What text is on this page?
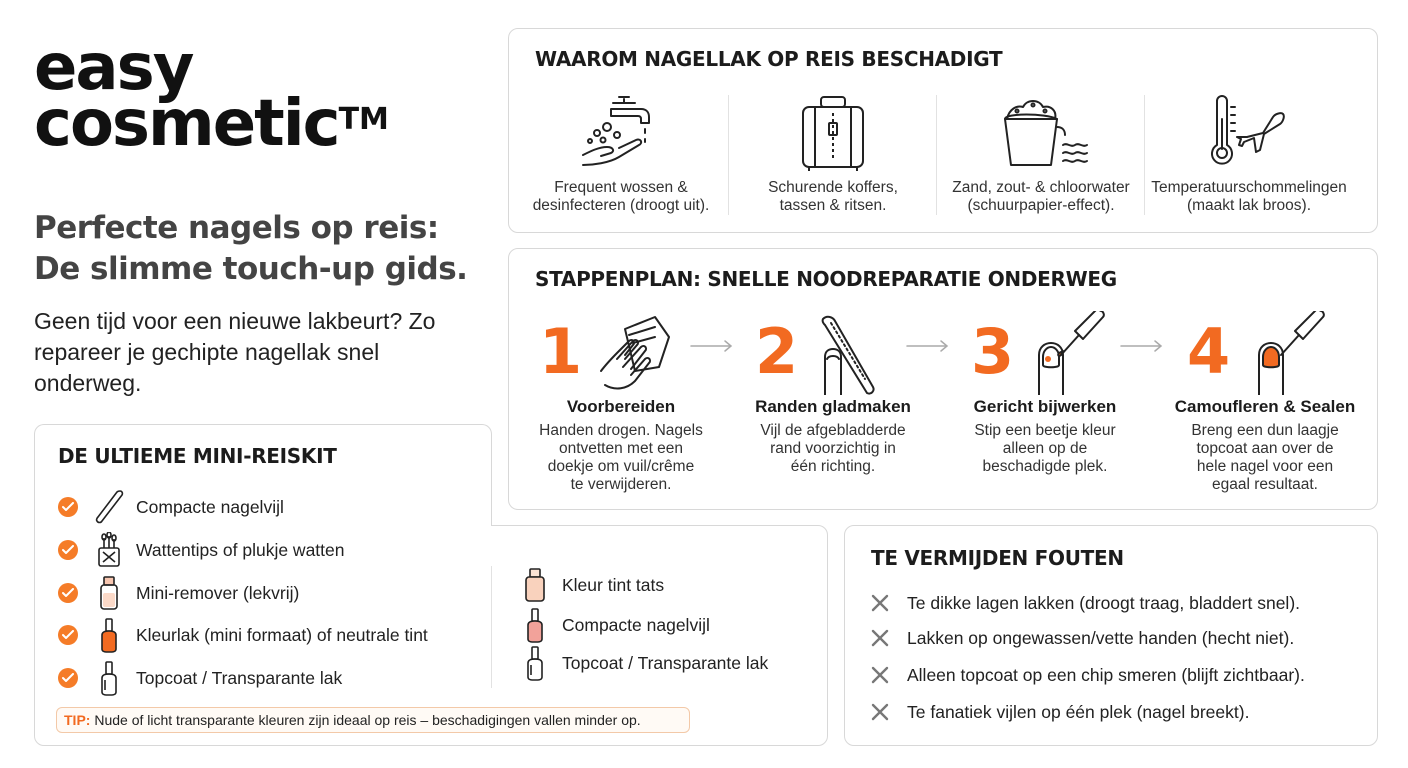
easy
cosmetic™
Perfecte nagels op reis:
De slimme touch-up gids.
Geen tijd voor een nieuwe lakbeurt? Zo repareer je gechipte nagellak snel onderweg.
WAAROM NAGELLAK OP REIS BESCHADIGT
Frequent wossen &
desinfecteren (droogt uit).
Schurende koffers,
tassen & ritsen.
Zand, zout- & chloorwater
(schuurpapier-effect).
Temperatuurschommelingen
(maakt lak broos).
STAPPENPLAN: SNELLE NOODREPARATIE ONDERWEG
1
Voorbereiden
Handen drogen. Nagels
ontvetten met een
doekje om vuil/crême
te verwijderen.
2
Randen gladmaken
Vijl de afgebladderde
rand voorzichtig in
één richting.
3
Gericht bijwerken
Stip een beetje kleur
alleen op de
beschadigde plek.
4
Camoufleren & Sealen
Breng een dun laagje
topcoat aan over de
hele nagel voor een
egaal resultaat.
DE ULTIEME MINI-REISKIT
Compacte nagelvijl
Wattentips of plukje watten
Mini-remover (lekvrij)
Kleurlak (mini formaat) of neutrale tint
Topcoat / Transparante lak
Kleur tint tats
Compacte nagelvijl
Topcoat / Transparante lak
TIP: Nude of licht transparante kleuren zijn ideaal op reis – beschadigingen vallen minder op.
TE VERMIJDEN FOUTEN
Te dikke lagen lakken (droogt traag, bladdert snel).
Lakken op ongewassen/vette handen (hecht niet).
Alleen topcoat op een chip smeren (blijft zichtbaar).
Te fanatiek vijlen op één plek (nagel breekt).
